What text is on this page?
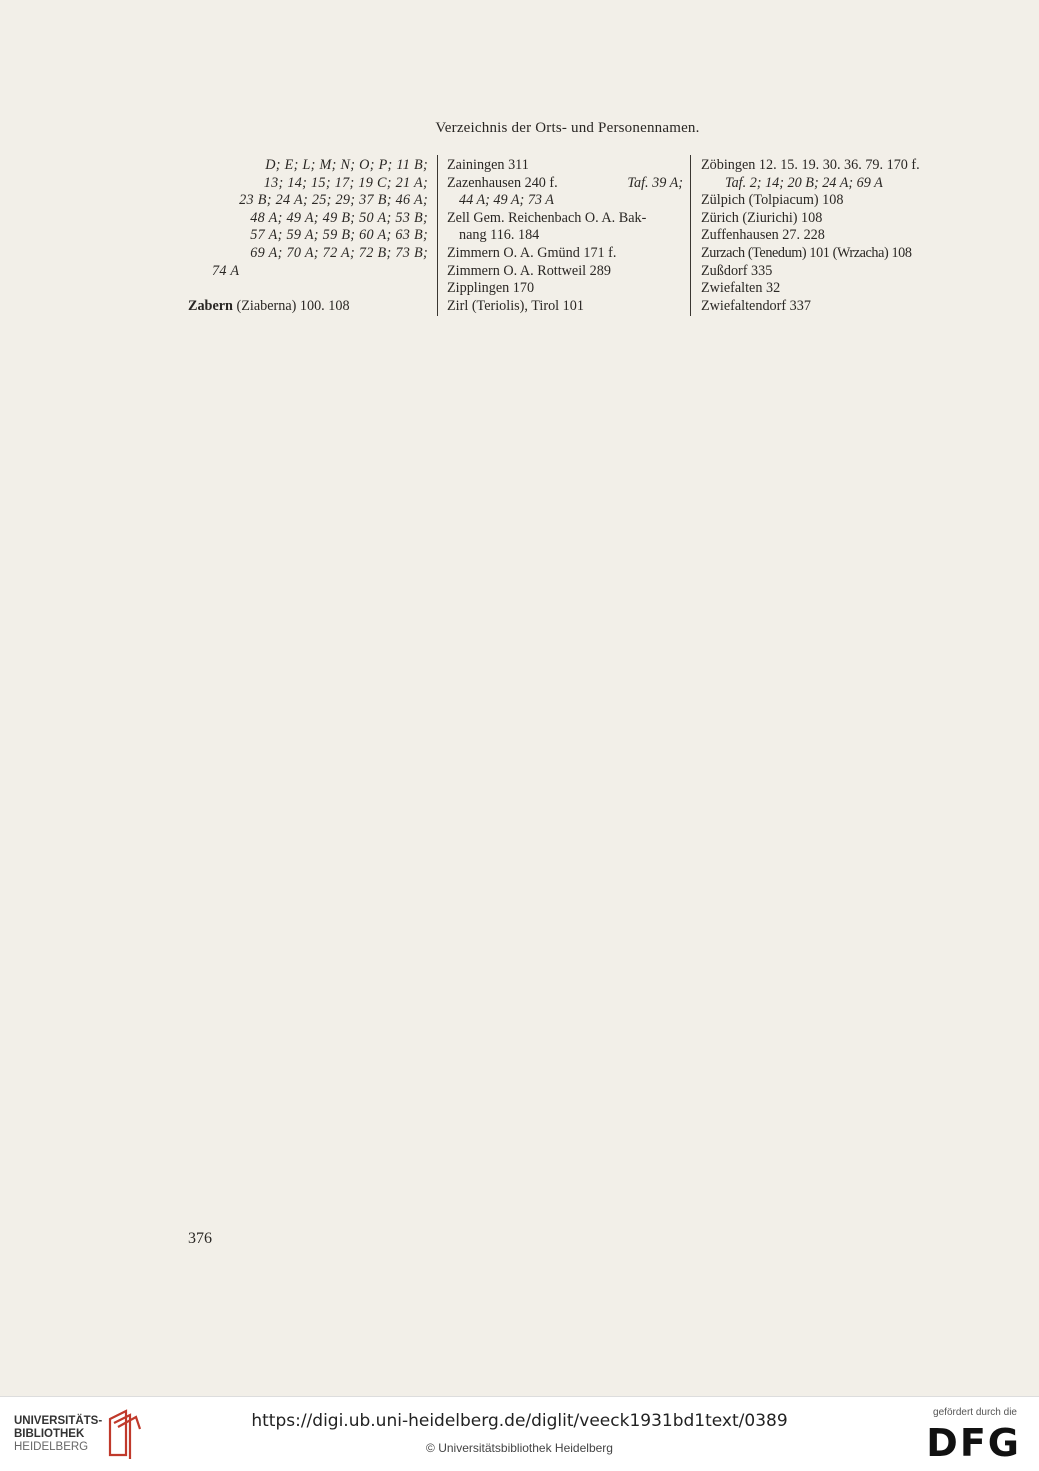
Verzeichnis der Orts- und Personennamen.
D; E; L; M; N; O; P; 11 B;
13; 14; 15; 17; 19 C; 21 A;
23 B; 24 A; 25; 29; 37 B; 46 A;
48 A; 49 A; 49 B; 50 A; 53 B;
57 A; 59 A; 59 B; 60 A; 63 B;
69 A; 70 A; 72 A; 72 B; 73 B;
74 A
Zabern (Ziaberna) 100. 108
Zainingen 311
Zazenhausen 240 f.	Taf. 39 A;
44 A; 49 A; 73 A
Zell Gem. Reichenbach O. A. Bak-
nang 116. 184
Zimmern O. A. Gmünd 171 f.
Zimmern O. A. Rottweil 289
Zipplingen 170
Zirl (Teriolis), Tirol 101
Zöbingen 12. 15. 19. 30. 36. 79. 170 f.
Taf. 2; 14; 20 B; 24 A; 69 A
Zülpich (Tolpiacum) 108
Zürich (Ziurichi) 108
Zuffenhausen 27. 228
Zurzach (Tenedum) 101 (Wrzacha) 108
Zußdorf 335
Zwiefalten 32
Zwiefaltendorf 337
376
UNIVERSITÄTS-
BIBLIOTHEK
HEIDELBERG
https://digi.ub.uni-heidelberg.de/diglit/veeck1931bd1text/0389
© Universitätsbibliothek Heidelberg
gefördert durch die
DFG
